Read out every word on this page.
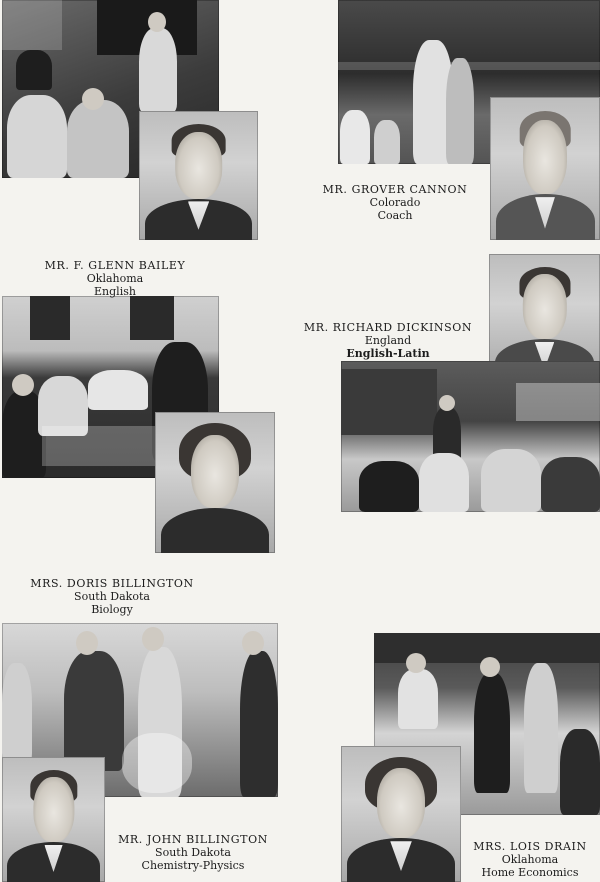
MR. F. GLENN BAILEY
Oklahoma
English
MR. GROVER CANNON
Colorado
Coach
MR. RICHARD DICKINSON
England
English-Latin
MRS. DORIS BILLINGTON
South Dakota
Biology
MR. JOHN BILLINGTON
South Dakota
Chemistry-Physics
MRS. LOIS DRAIN
Oklahoma
Home Economics
